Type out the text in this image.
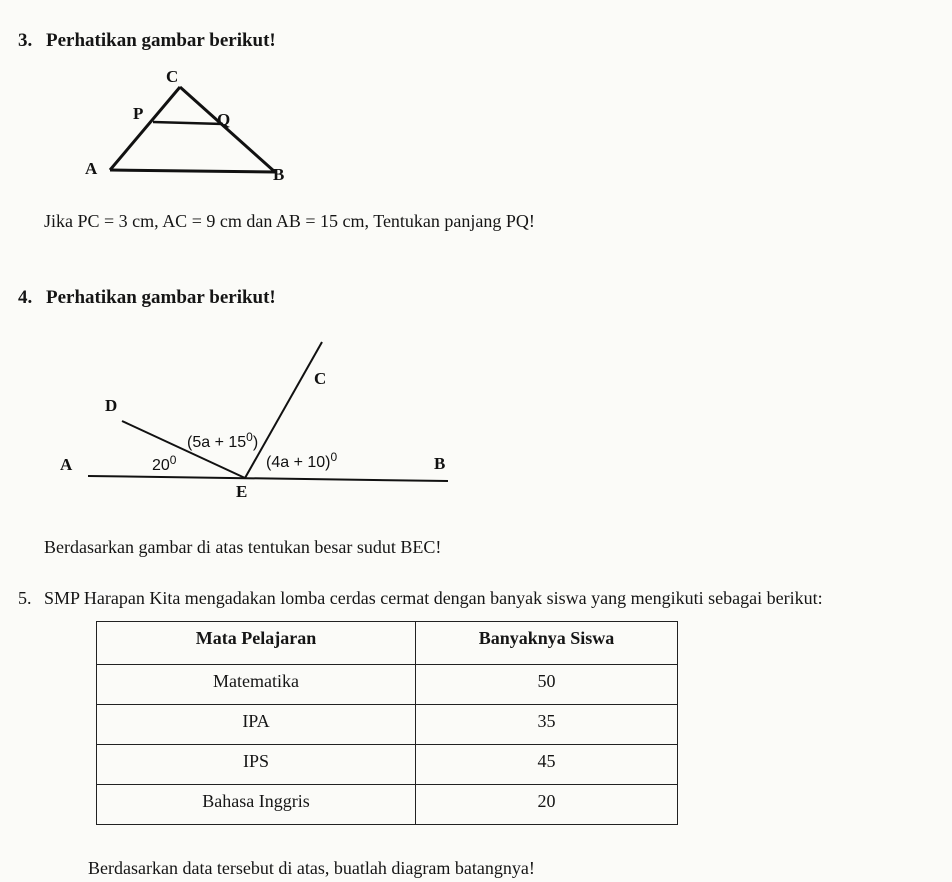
3. Perhatikan gambar berikut!
C
P	Q
A	B
D
C
A	B
E
$(5a + 15^0)$
$20^0$	$(4a + 10)^0$
Jika PC = 3 cm, AC = 9 cm dan AB = 15 cm, Tentukan panjang PQ!
4. Perhatikan gambar berikut!
Berdasarkan gambar di atas tentukan besar sudut BEC!
5. SMP Harapan Kita mengadakan lomba cerdas cermat dengan banyak siswa yang mengikuti sebagai berikut:
Mata Pelajaran	Banyaknya Siswa
Matematika	50
IPA	35
IPS	45
Bahasa Inggris	20
Berdasarkan data tersebut di atas, buatlah diagram batangnya!
